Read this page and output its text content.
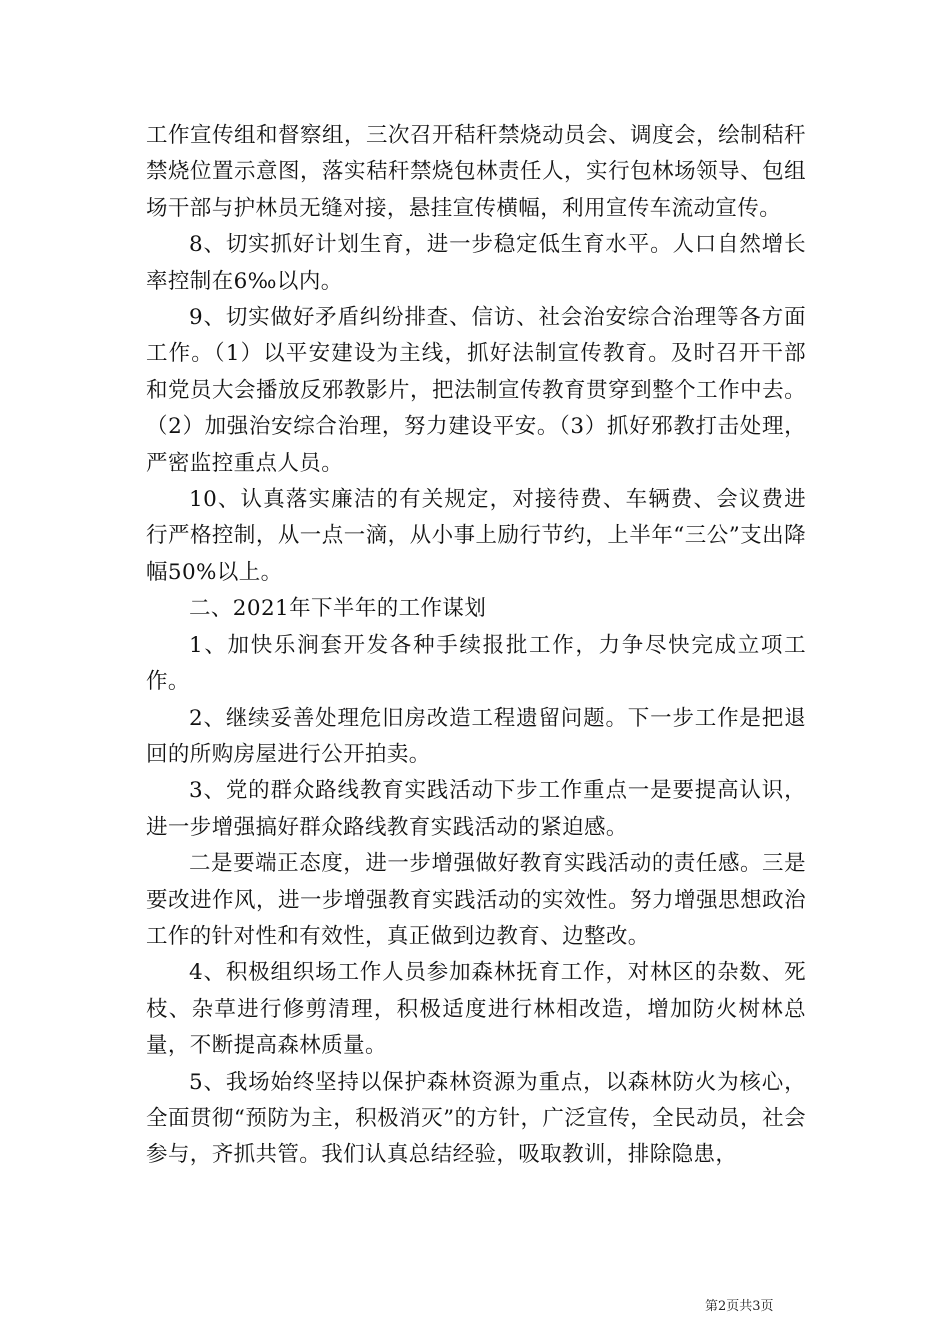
工作宣传组和督察组，三次召开秸秆禁烧动员会、调度会，绘制秸秆禁烧位置示意图，落实秸秆禁烧包林责任人，实行包林场领导、包组场干部与护林员无缝对接，悬挂宣传横幅，利用宣传车流动宣传。

8、切实抓好计划生育，进一步稳定低生育水平。人口自然增长率控制在6‰以内。

9、切实做好矛盾纠纷排查、信访、社会治安综合治理等各方面工作。（1）以平安建设为主线，抓好法制宣传教育。及时召开干部和党员大会播放反邪教影片，把法制宣传教育贯穿到整个工作中去。（2）加强治安综合治理，努力建设平安。（3）抓好邪教打击处理，严密监控重点人员。

10、认真落实廉洁的有关规定，对接待费、车辆费、会议费进行严格控制，从一点一滴，从小事上励行节约，上半年“三公”支出降幅50%以上。

二、2021年下半年的工作谋划

1、加快乐涧套开发各种手续报批工作，力争尽快完成立项工作。

2、继续妥善处理危旧房改造工程遗留问题。下一步工作是把退回的所购房屋进行公开拍卖。

3、党的群众路线教育实践活动下步工作重点一是要提高认识，进一步增强搞好群众路线教育实践活动的紧迫感。

二是要端正态度，进一步增强做好教育实践活动的责任感。三是要改进作风，进一步增强教育实践活动的实效性。努力增强思想政治工作的针对性和有效性，真正做到边教育、边整改。

4、积极组织场工作人员参加森林抚育工作，对林区的杂数、死枝、杂草进行修剪清理，积极适度进行林相改造，增加防火树林总量，不断提高森林质量。

5、我场始终坚持以保护森林资源为重点，以森林防火为核心，全面贯彻“预防为主，积极消灭”的方针，广泛宣传，全民动员，社会参与，齐抓共管。我们认真总结经验，吸取教训，排除隐患，

第2页共3页
